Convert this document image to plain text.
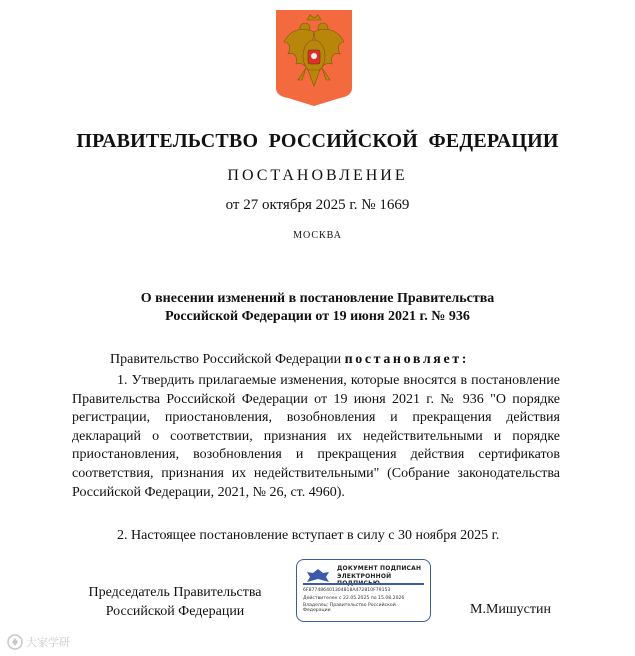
ПРАВИТЕЛЬСТВО  РОССИЙСКОЙ  ФЕДЕРАЦИИ
ПОСТАНОВЛЕНИЕ
от 27 октября 2025 г. № 1669
МОСКВА
О внесении изменений в постановление Правительства
Российской Федерации от 19 июня 2021 г. № 936
Правительство Российской Федерации постановляет:
1. Утвердить прилагаемые изменения, которые вносятся в постановление Правительства Российской Федерации от 19 июня 2021 г. № 936 "О порядке регистрации, приостановления, возобновления и прекращения действия деклараций о соответствии, признания их недействительными и порядке приостановления, возобновления и прекращения действия сертификатов соответствия, признания их недействительными" (Собрание законодательства Российской Федерации, 2021, № 26, ст. 4960).
2. Настоящее постановление вступает в силу с 30 ноября 2025 г.
Председатель Правительства
Российской Федерации
ДОКУМЕНТ ПОДПИСАН
ЭЛЕКТРОННОЙ
6F877486401304818A472810F79153
Действителен с 22.05.2025 по 15.08.2026
Владелец: Правительство Российской
Федерации	М.Мишустин
大家学研
